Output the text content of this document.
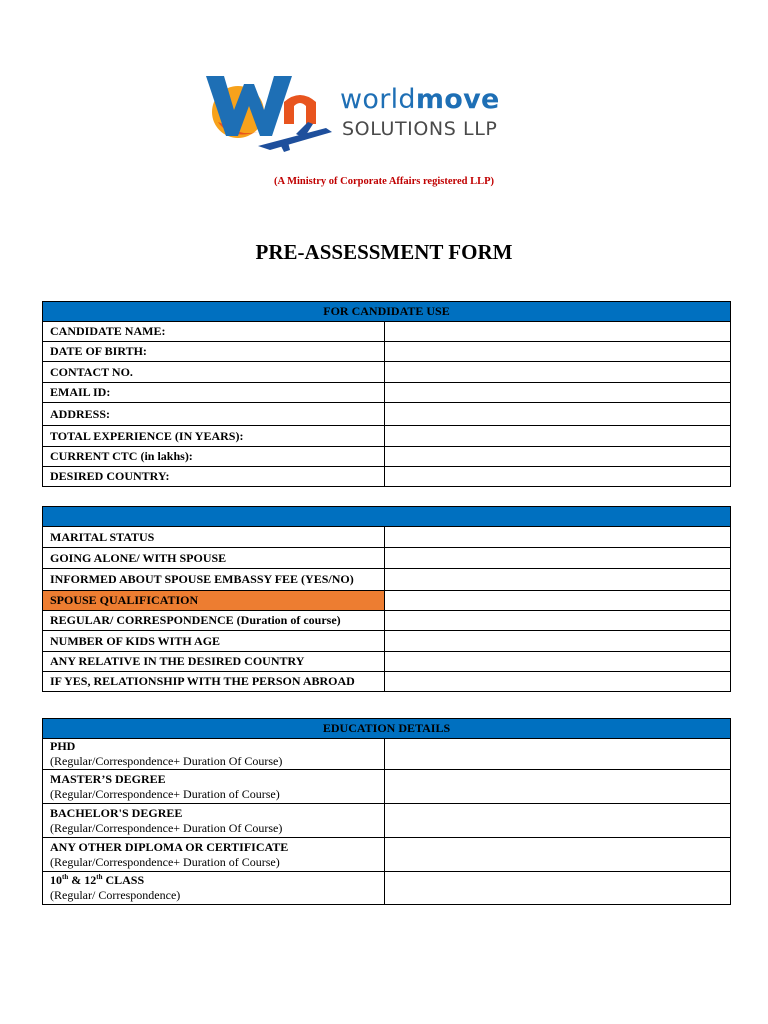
worldmove
SOLUTIONS LLP
(A Ministry of Corporate Affairs registered LLP)
PRE-ASSESSMENT FORM
FOR CANDIDATE USE	
CANDIDATE NAME:	
DATE OF BIRTH:	
CONTACT NO.	
EMAIL ID:	
ADDRESS:	
TOTAL EXPERIENCE (IN YEARS):	
CURRENT CTC (in lakhs):	
DESIRED COUNTRY:	

MARITAL STATUS	
GOING ALONE/ WITH SPOUSE	
INFORMED ABOUT SPOUSE EMBASSY FEE (YES/NO)	
SPOUSE QUALIFICATION	
REGULAR/ CORRESPONDENCE (Duration of course)	
NUMBER OF KIDS WITH AGE	
ANY RELATIVE IN THE DESIRED COUNTRY	
IF YES, RELATIONSHIP WITH THE PERSON ABROAD	
EDUCATION DETAILS	
PHD
(Regular/Correspondence+ Duration Of Course)	

MASTER’S DEGREE
(Regular/Correspondence+ Duration of Course)	

BACHELOR'S DEGREE
(Regular/Correspondence+ Duration Of Course)	

ANY OTHER DIPLOMA OR CERTIFICATE
(Regular/Correspondence+ Duration of Course)	

10th & 12th CLASS
(Regular/ Correspondence)	
